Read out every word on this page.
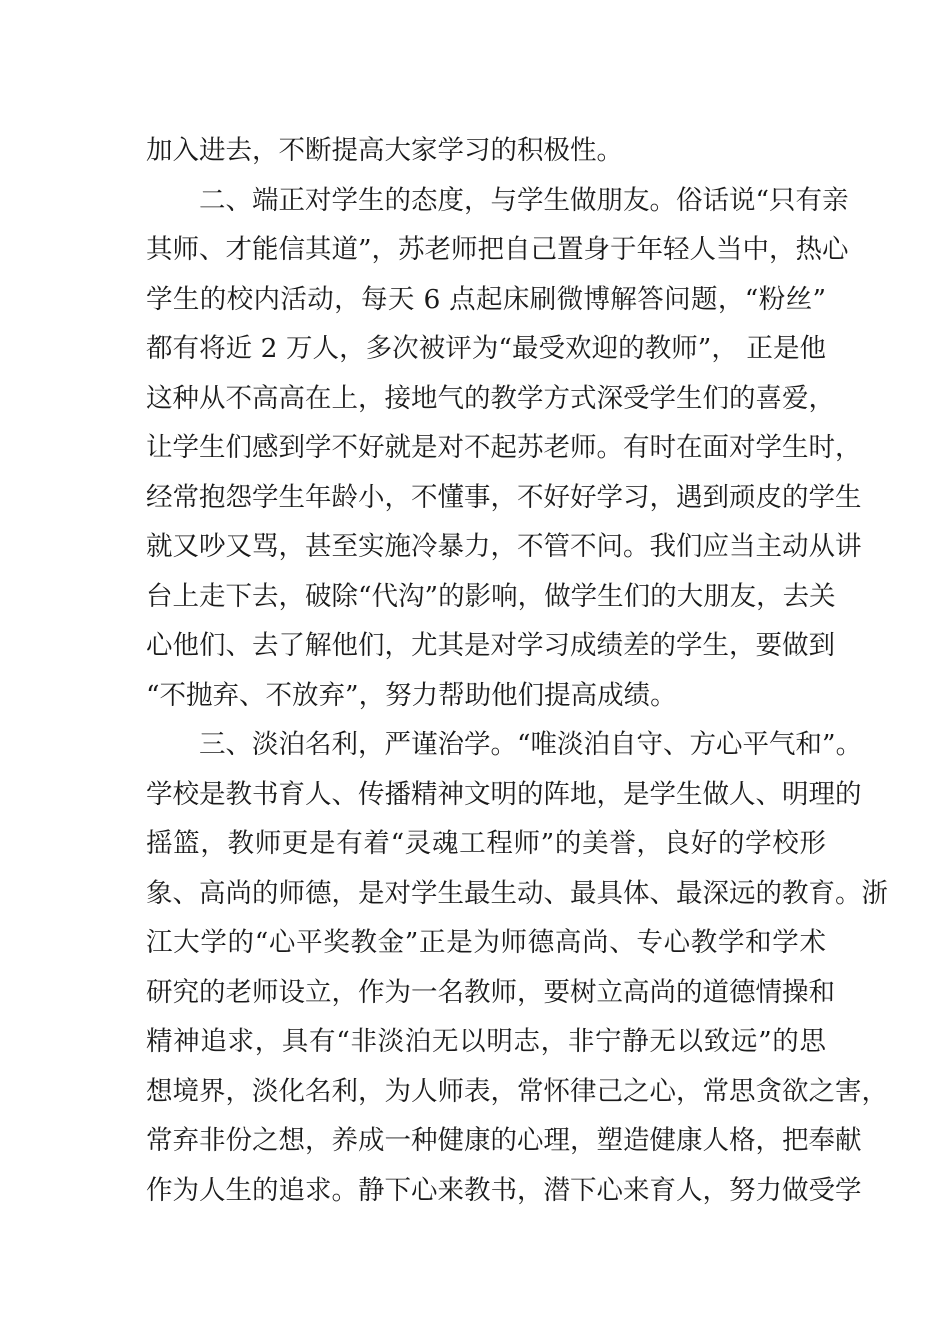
加入进去，不断提高大家学习的积极性。
　　二、端正对学生的态度，与学生做朋友。俗话说“只有亲
其师、才能信其道”，苏老师把自己置身于年轻人当中，热心
学生的校内活动，每天 6 点起床刷微博解答问题，“粉丝”
都有将近 2 万人，多次被评为“最受欢迎的教师”， 正是他
这种从不高高在上，接地气的教学方式深受学生们的喜爱，
让学生们感到学不好就是对不起苏老师。有时在面对学生时，
经常抱怨学生年龄小，不懂事，不好好学习，遇到顽皮的学生
就又吵又骂，甚至实施冷暴力，不管不问。我们应当主动从讲
台上走下去，破除“代沟”的影响，做学生们的大朋友，去关
心他们、去了解他们，尤其是对学习成绩差的学生，要做到
“不抛弃、不放弃”，努力帮助他们提高成绩。
　　三、淡泊名利，严谨治学。“唯淡泊自守、方心平气和”。
学校是教书育人、传播精神文明的阵地，是学生做人、明理的
摇篮，教师更是有着“灵魂工程师”的美誉，良好的学校形
象、高尚的师德，是对学生最生动、最具体、最深远的教育。浙
江大学的“心平奖教金”正是为师德高尚、专心教学和学术
研究的老师设立，作为一名教师，要树立高尚的道德情操和
精神追求，具有“非淡泊无以明志，非宁静无以致远”的思
想境界，淡化名利，为人师表，常怀律己之心，常思贪欲之害，
常弃非份之想，养成一种健康的心理，塑造健康人格，把奉献
作为人生的追求。静下心来教书，潜下心来育人，努力做受学
